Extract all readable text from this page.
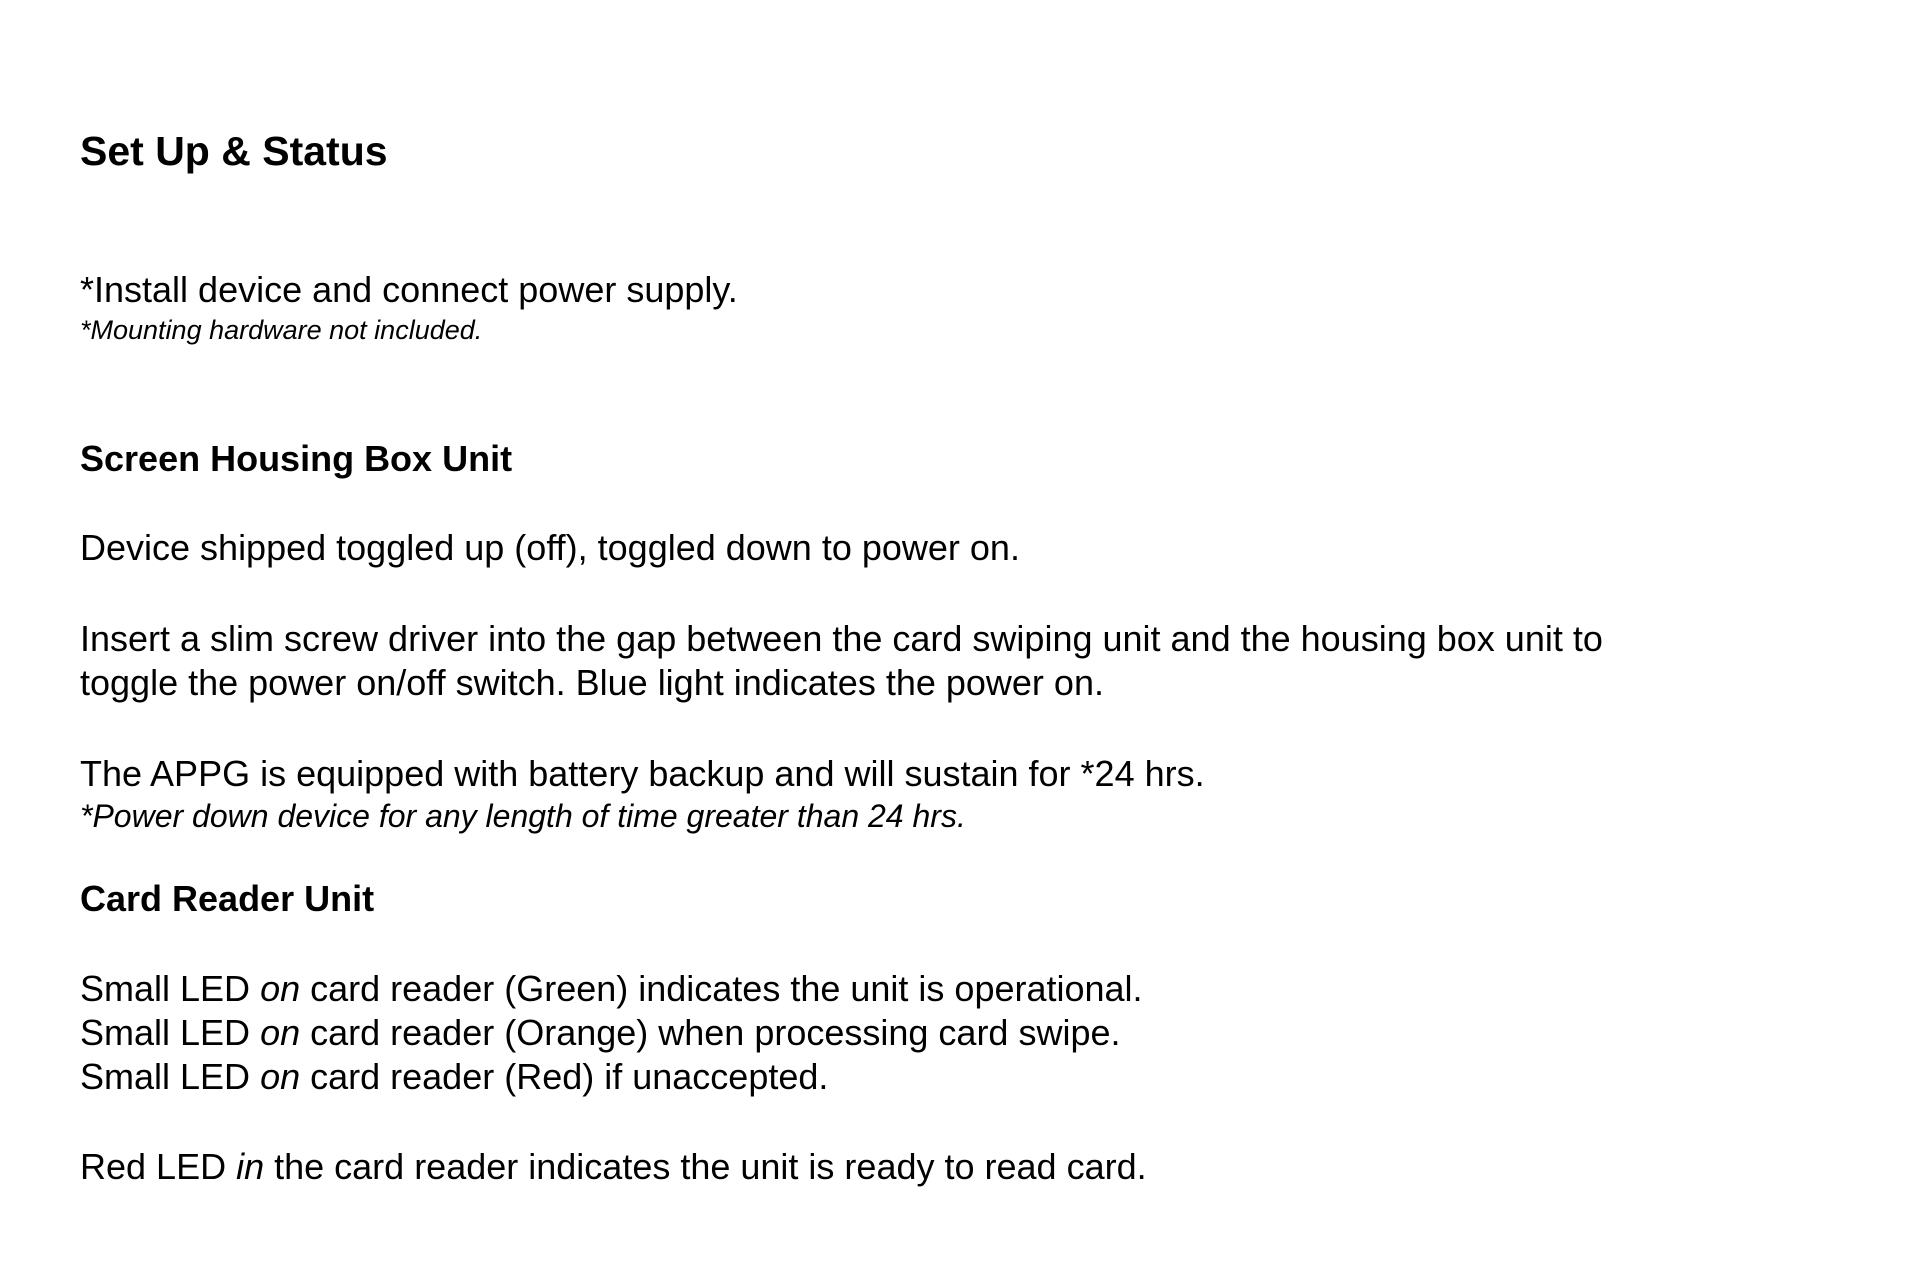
Set Up & Status

*Install device and connect power supply.

*Mounting hardware not included.

Screen Housing Box Unit

Device shipped toggled up (off), toggled down to power on.

Insert a slim screw driver into the gap between the card swiping unit and the housing box unit to
toggle the power on/off switch. Blue light indicates the power on.

The APPG is equipped with battery backup and will sustain for *24 hrs.

*Power down device for any length of time greater than 24 hrs.

Card Reader Unit
Small LED on card reader (Green) indicates the unit is operational.
Small LED on card reader (Orange) when processing card swipe.
Small LED on card reader (Red) if unaccepted.

Red LED in the card reader indicates the unit is ready to read card.
